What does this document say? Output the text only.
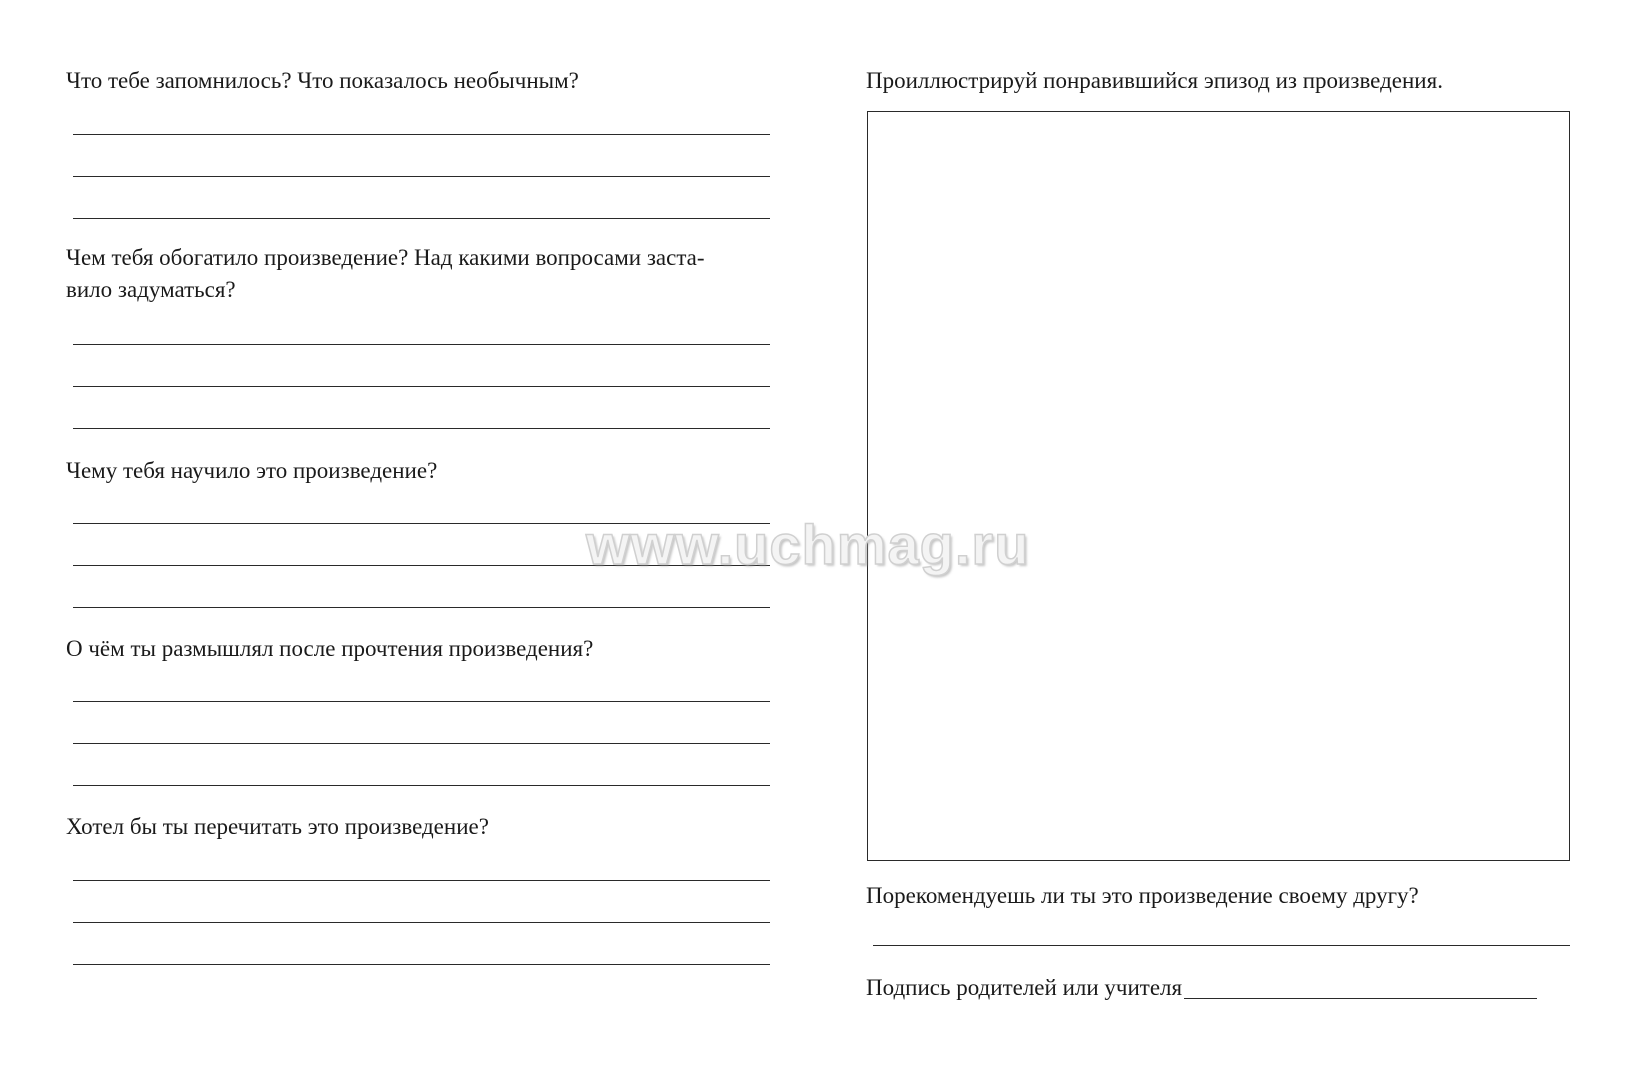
Что тебе запомнилось? Что показалось необычным?
Чем тебя обогатило произведение? Над какими вопросами заста-
вило задуматься?
Чему тебя научило это произведение?
О чём ты размышлял после прочтения произведения?
Хотел бы ты перечитать это произведение?
Проиллюстрируй понравившийся эпизод из произведения.
Порекомендуешь ли ты это произведение своему другу?
Подпись родителей или учителя
www.uchmag.ru
